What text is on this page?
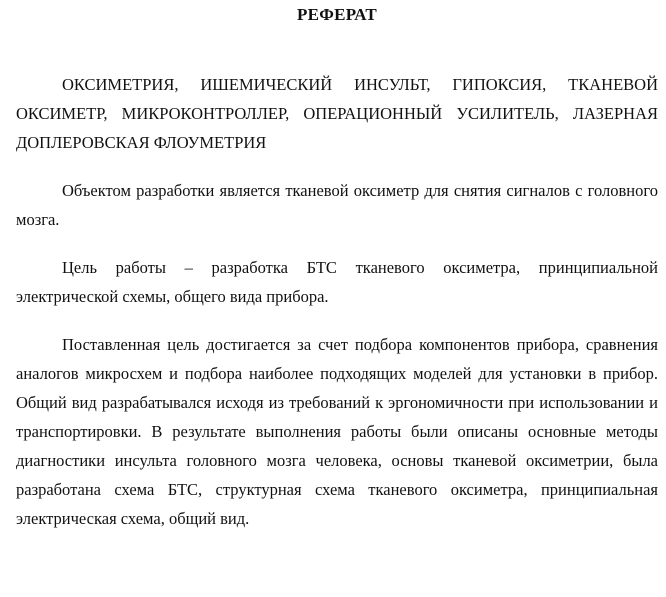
РЕФЕРАТ

ОКСИМЕТРИЯ, ИШЕМИЧЕСКИЙ ИНСУЛЬТ, ГИПОКСИЯ, ТКАНЕВОЙ ОКСИМЕТР, МИКРОКОНТРОЛЛЕР, ОПЕРАЦИОННЫЙ УСИЛИТЕЛЬ, ЛАЗЕРНАЯ ДОПЛЕРОВСКАЯ ФЛОУМЕТРИЯ

Объектом разработки является тканевой оксиметр для снятия сигналов с головного мозга.

Цель работы – разработка БТС тканевого оксиметра, принципиальной электрической схемы, общего вида прибора.

Поставленная цель достигается за счет подбора компонентов прибора, сравнения аналогов микросхем и подбора наиболее подходящих моделей для установки в прибор. Общий вид разрабатывался исходя из требований к эргономичности при использовании и транспортировки. В результате выполнения работы были описаны основные методы диагностики инсульта головного мозга человека, основы тканевой оксиметрии, была разработана схема БТС, структурная схема тканевого оксиметра, принципиальная электрическая схема, общий вид.
